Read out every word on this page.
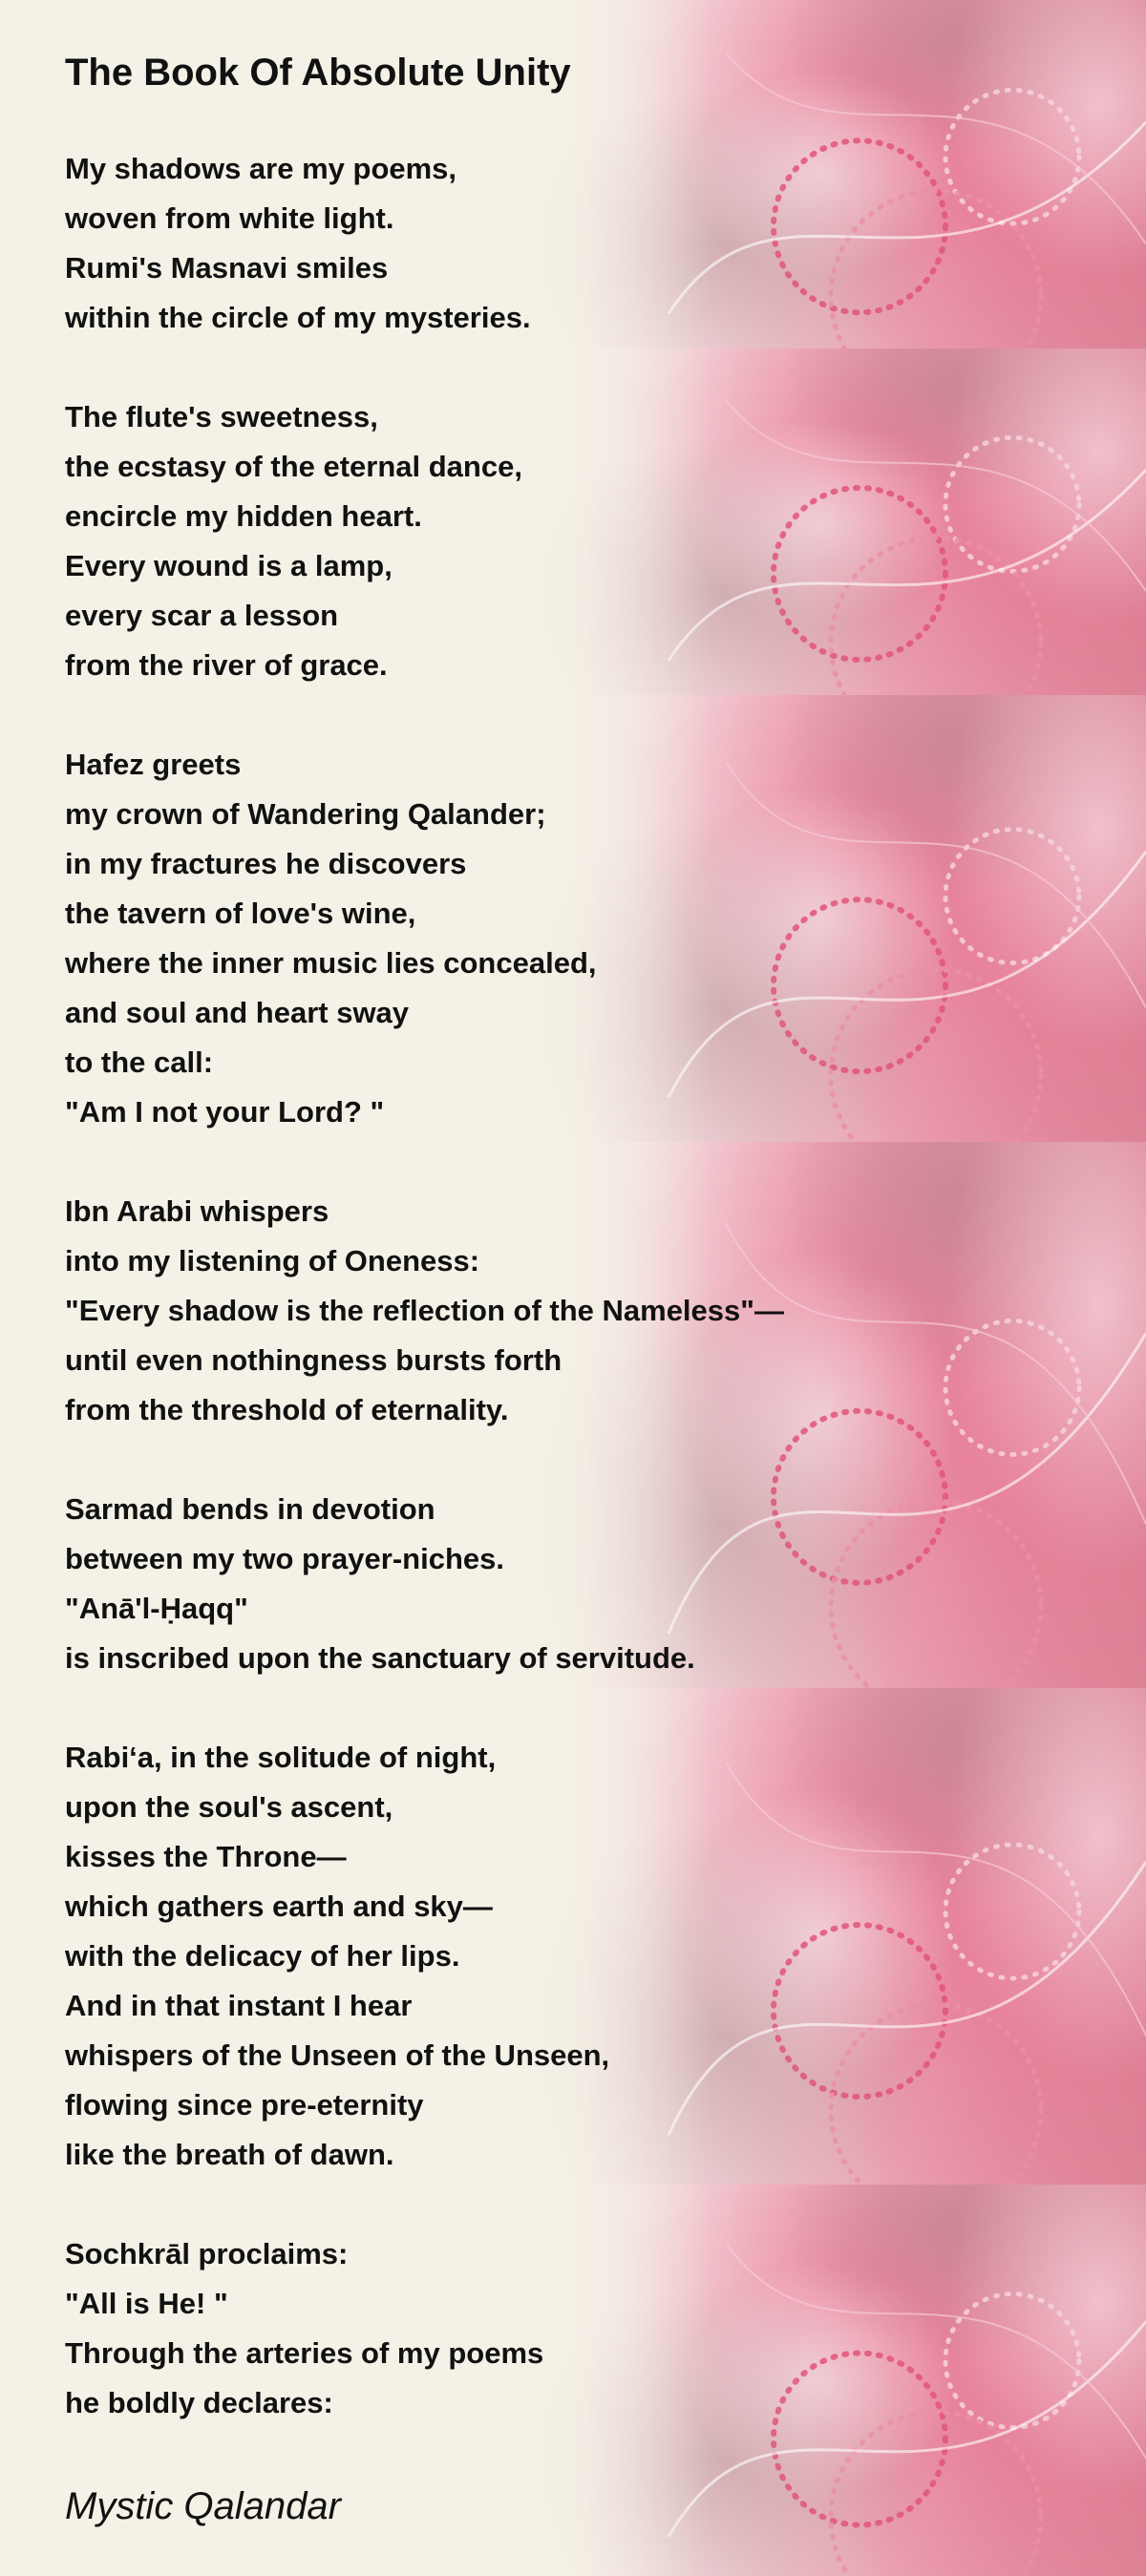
The Book Of Absolute Unity

My shadows are my poems,

woven from white light.

Rumi's Masnavi smiles

within the circle of my mysteries.

The flute's sweetness,

the ecstasy of the eternal dance,

encircle my hidden heart.

Every wound is a lamp,

every scar a lesson

from the river of grace.

Hafez greets

my crown of Wandering Qalander;

in my fractures he discovers

the tavern of love's wine,

where the inner music lies concealed,

and soul and heart sway

to the call:

"Am I not your Lord? "

Ibn Arabi whispers

into my listening of Oneness:

"Every shadow is the reflection of the Nameless"—

until even nothingness bursts forth

from the threshold of eternality.

Sarmad bends in devotion

between my two prayer-niches.

"Anā'l-Ḥaqq"

is inscribed upon the sanctuary of servitude.

Rabi‘a, in the solitude of night,

upon the soul's ascent,

kisses the Throne—

which gathers earth and sky—

with the delicacy of her lips.

And in that instant I hear

whispers of the Unseen of the Unseen,

flowing since pre-eternity

like the breath of dawn.

Sochkrāl proclaims:

"All is He! "

Through the arteries of my poems

he boldly declares:

Mystic Qalandar
